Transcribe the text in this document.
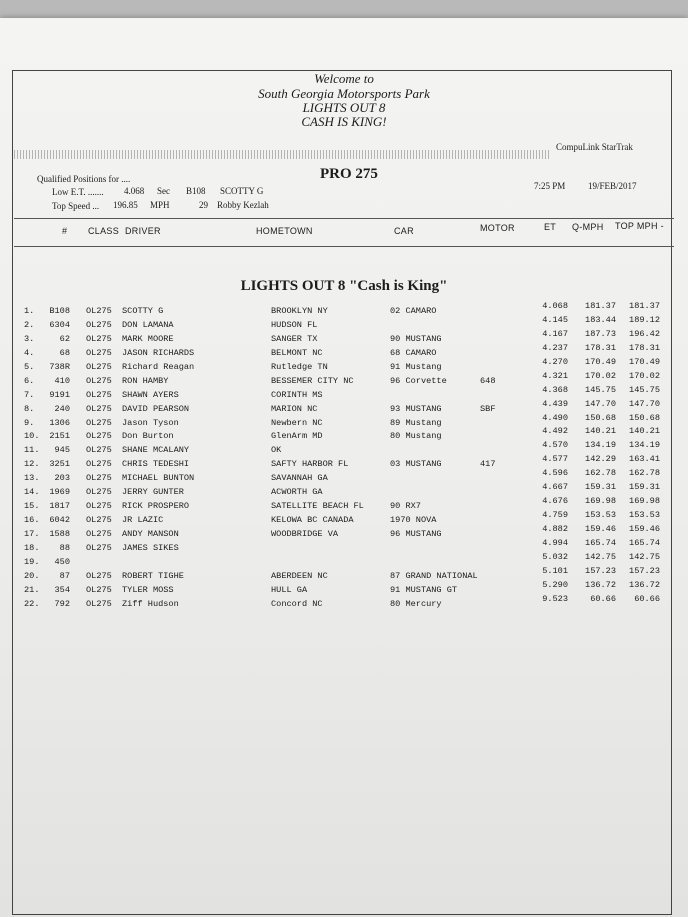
Welcome to
South Georgia Motorsports Park
LIGHTS OUT 8
CASH IS KING!
CompuLink StarTrak
Qualified Positions for ....
Low E.T. ....... 4.068 Sec B108 SCOTTY G
Top Speed ... 196.85 MPH	29 Robby Kezlah
PRO 275
7:25 PM	19/FEB/2017
# CLASS DRIVER	HOMETOWN	CAR	MOTOR	ET Q-MPH TOP MPH -
LIGHTS OUT 8 "Cash is King"
1.	B108 OL275 SCOTTY G	BROOKLYN NY	02 CAMARO	4.068	181.37	181.37
2.	6304 OL275 DON LAMANA	HUDSON FL	4.145	183.44	189.12
3.	62 OL275 MARK MOORE	SANGER TX	90 MUSTANG	4.167	187.73	196.42
4.	68 OL275 JASON RICHARDS	BELMONT NC	68 CAMARO	4.237	178.31	178.31
5.	738R OL275 Richard Reagan	Rutledge TN	91 Mustang	4.270	170.49	170.49
6.	410 OL275 RON HAMBY	BESSEMER CITY NC	96 Corvette	648	4.321	170.02	170.02
7.	9191 OL275 SHAWN AYERS	CORINTH MS	4.368	145.75	145.75
8.	240 OL275 DAVID PEARSON	MARION NC	93 MUSTANG	SBF	4.439	147.70	147.70
9.	1306 OL275 Jason Tyson	Newbern NC	89 Mustang	4.490	150.68	150.68
10.	2151 OL275 Don Burton	GlenArm MD	80 Mustang	4.492	140.21	140.21
11.	945 OL275 SHANE MCALANY	OK	4.570	134.19	134.19
12.	3251 OL275 CHRIS TEDESHI	SAFTY HARBOR FL	03 MUSTANG	417	4.577	142.29	163.41
13.	203 OL275 MICHAEL BUNTON	SAVANNAH GA	4.596	162.78	162.78
14.	1969 OL275 JERRY GUNTER	ACWORTH GA	4.667	159.31	159.31
15.	1817 OL275 RICK PROSPERO	SATELLITE BEACH FL	90 RX7	4.676	169.98	169.98
16.	6042 OL275 JR LAZIC	KELOWA BC CANADA	1970 NOVA	4.759	153.53	153.53
17.	1588 OL275 ANDY MANSON	WOODBRIDGE VA	96 MUSTANG	4.882	159.46	159.46
18.	88 OL275 JAMES SIKES	4.994	165.74	165.74
19.	450	5.032	142.75	142.75
20.	87 OL275 ROBERT TIGHE	ABERDEEN NC	87 GRAND NATIONAL	5.101	157.23	157.23
21.	354 OL275 TYLER MOSS	HULL GA	91 MUSTANG GT	5.290	136.72	136.72
22.	792 OL275 Ziff Hudson	Concord NC	80 Mercury	9.523	60.66	60.66
